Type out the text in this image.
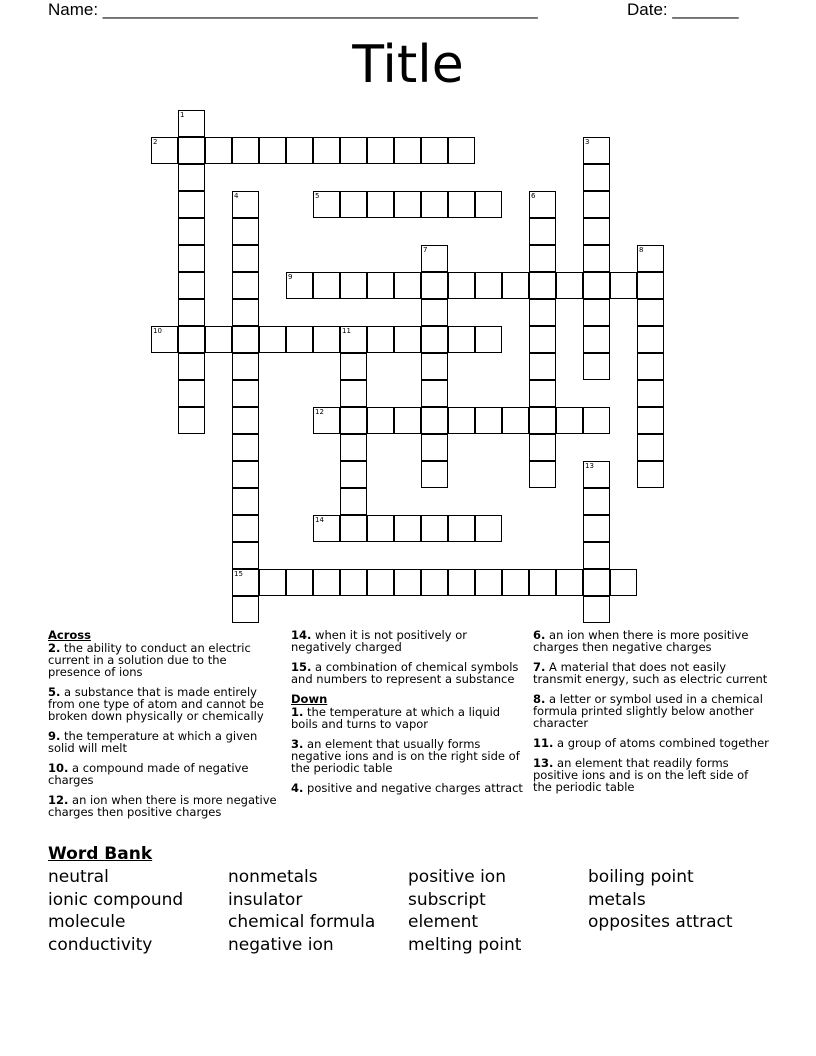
Name: ______________________________________________	Date: _______
Title
1
2	3
4	5	6
7	8
9
10	11
12
13
14
15
Across
2. the ability to conduct an electric current in a solution due to the presence of ions
5. a substance that is made entirely from one type of atom and cannot be broken down physically or chemically
9. the temperature at which a given solid will melt
10. a compound made of negative charges
12. an ion when there is more negative charges then positive charges
14. when it is not positively or negatively charged
15. a combination of chemical symbols and numbers to represent a substance
Down
1. the temperature at which a liquid boils and turns to vapor
3. an element that usually forms negative ions and is on the right side of the periodic table
4. positive and negative charges attract
6. an ion when there is more positive charges then negative charges
7. A material that does not easily transmit energy, such as electric current
8. a letter or symbol used in a chemical formula printed slightly below another character
11. a group of atoms combined together
13. an element that readily forms positive ions and is on the left side of the periodic table
Word Bank
neutral
ionic compound
molecule
conductivity
nonmetals
insulator
chemical formula
negative ion
positive ion
subscript
element
melting point
boiling point
metals
opposites attract
